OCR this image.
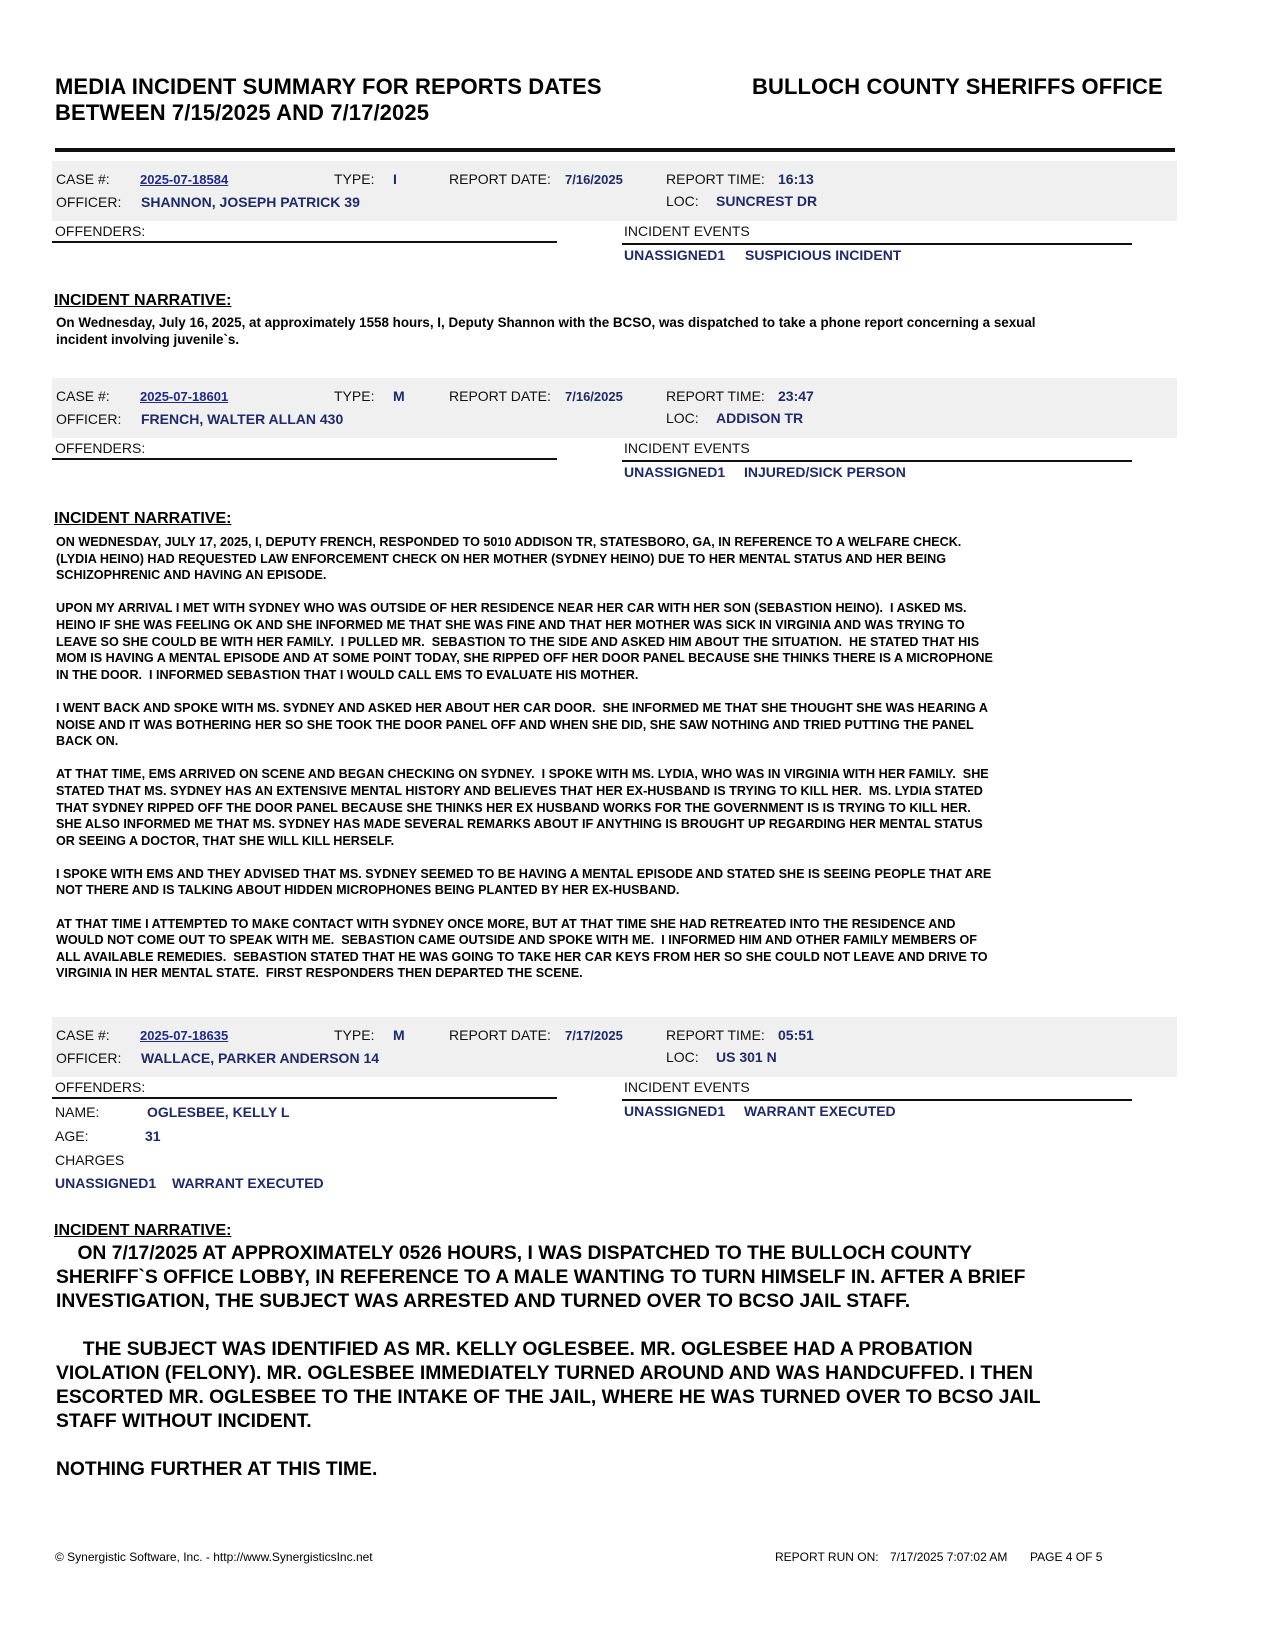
MEDIA INCIDENT SUMMARY FOR REPORTS DATES
BETWEEN 7/15/2025 AND 7/17/2025
BULLOCH COUNTY SHERIFFS OFFICE
CASE #: 2025-07-18584	TYPE: I	REPORT DATE: 7/16/2025	REPORT TIME: 16:13
OFFICER: SHANNON, JOSEPH PATRICK 39	LOC: SUNCREST DR
OFFENDERS:	INCIDENT EVENTS
UNASSIGNED1 SUSPICIOUS INCIDENT
INCIDENT NARRATIVE:
On Wednesday, July 16, 2025, at approximately 1558 hours, I, Deputy Shannon with the BCSO, was dispatched to take a phone report concerning a sexual
incident involving juvenile`s.
CASE #: 2025-07-18601	TYPE: M	REPORT DATE: 7/16/2025	REPORT TIME: 23:47
OFFICER: FRENCH, WALTER ALLAN 430	LOC: ADDISON TR
OFFENDERS:	INCIDENT EVENTS
UNASSIGNED1 INJURED/SICK PERSON
INCIDENT NARRATIVE:
ON WEDNESDAY, JULY 17, 2025, I, DEPUTY FRENCH, RESPONDED TO 5010 ADDISON TR, STATESBORO, GA, IN REFERENCE TO A WELFARE CHECK.
(LYDIA HEINO) HAD REQUESTED LAW ENFORCEMENT CHECK ON HER MOTHER (SYDNEY HEINO) DUE TO HER MENTAL STATUS AND HER BEING
SCHIZOPHRENIC AND HAVING AN EPISODE.

UPON MY ARRIVAL I MET WITH SYDNEY WHO WAS OUTSIDE OF HER RESIDENCE NEAR HER CAR WITH HER SON (SEBASTION HEINO).  I ASKED MS.
HEINO IF SHE WAS FEELING OK AND SHE INFORMED ME THAT SHE WAS FINE AND THAT HER MOTHER WAS SICK IN VIRGINIA AND WAS TRYING TO
LEAVE SO SHE COULD BE WITH HER FAMILY.  I PULLED MR.  SEBASTION TO THE SIDE AND ASKED HIM ABOUT THE SITUATION.  HE STATED THAT HIS
MOM IS HAVING A MENTAL EPISODE AND AT SOME POINT TODAY, SHE RIPPED OFF HER DOOR PANEL BECAUSE SHE THINKS THERE IS A MICROPHONE
IN THE DOOR.  I INFORMED SEBASTION THAT I WOULD CALL EMS TO EVALUATE HIS MOTHER.

I WENT BACK AND SPOKE WITH MS. SYDNEY AND ASKED HER ABOUT HER CAR DOOR.  SHE INFORMED ME THAT SHE THOUGHT SHE WAS HEARING A
NOISE AND IT WAS BOTHERING HER SO SHE TOOK THE DOOR PANEL OFF AND WHEN SHE DID, SHE SAW NOTHING AND TRIED PUTTING THE PANEL
BACK ON.

AT THAT TIME, EMS ARRIVED ON SCENE AND BEGAN CHECKING ON SYDNEY.  I SPOKE WITH MS. LYDIA, WHO WAS IN VIRGINIA WITH HER FAMILY.  SHE
STATED THAT MS. SYDNEY HAS AN EXTENSIVE MENTAL HISTORY AND BELIEVES THAT HER EX-HUSBAND IS TRYING TO KILL HER.  MS. LYDIA STATED
THAT SYDNEY RIPPED OFF THE DOOR PANEL BECAUSE SHE THINKS HER EX HUSBAND WORKS FOR THE GOVERNMENT IS IS TRYING TO KILL HER.
SHE ALSO INFORMED ME THAT MS. SYDNEY HAS MADE SEVERAL REMARKS ABOUT IF ANYTHING IS BROUGHT UP REGARDING HER MENTAL STATUS
OR SEEING A DOCTOR, THAT SHE WILL KILL HERSELF.

I SPOKE WITH EMS AND THEY ADVISED THAT MS. SYDNEY SEEMED TO BE HAVING A MENTAL EPISODE AND STATED SHE IS SEEING PEOPLE THAT ARE
NOT THERE AND IS TALKING ABOUT HIDDEN MICROPHONES BEING PLANTED BY HER EX-HUSBAND.

AT THAT TIME I ATTEMPTED TO MAKE CONTACT WITH SYDNEY ONCE MORE, BUT AT THAT TIME SHE HAD RETREATED INTO THE RESIDENCE AND
WOULD NOT COME OUT TO SPEAK WITH ME.  SEBASTION CAME OUTSIDE AND SPOKE WITH ME.  I INFORMED HIM AND OTHER FAMILY MEMBERS OF
ALL AVAILABLE REMEDIES.  SEBASTION STATED THAT HE WAS GOING TO TAKE HER CAR KEYS FROM HER SO SHE COULD NOT LEAVE AND DRIVE TO
VIRGINIA IN HER MENTAL STATE.  FIRST RESPONDERS THEN DEPARTED THE SCENE.
CASE #: 2025-07-18635	TYPE: M	REPORT DATE: 7/17/2025	REPORT TIME: 05:51
OFFICER: WALLACE, PARKER ANDERSON 14	LOC: US 301 N
OFFENDERS:	INCIDENT EVENTS
UNASSIGNED1 WARRANT EXECUTED
NAME:	OGLESBEE, KELLY L
AGE:	31
CHARGES
UNASSIGNED1 WARRANT EXECUTED
INCIDENT NARRATIVE:
ON 7/17/2025 AT APPROXIMATELY 0526 HOURS, I WAS DISPATCHED TO THE BULLOCH COUNTY
SHERIFF`S OFFICE LOBBY, IN REFERENCE TO A MALE WANTING TO TURN HIMSELF IN. AFTER A BRIEF
INVESTIGATION, THE SUBJECT WAS ARRESTED AND TURNED OVER TO BCSO JAIL STAFF.

THE SUBJECT WAS IDENTIFIED AS MR. KELLY OGLESBEE. MR. OGLESBEE HAD A PROBATION
VIOLATION (FELONY). MR. OGLESBEE IMMEDIATELY TURNED AROUND AND WAS HANDCUFFED. I THEN
ESCORTED MR. OGLESBEE TO THE INTAKE OF THE JAIL, WHERE HE WAS TURNED OVER TO BCSO JAIL
STAFF WITHOUT INCIDENT.

NOTHING FURTHER AT THIS TIME.
© Synergistic Software, Inc. - http://www.SynergisticsInc.net	REPORT RUN ON: 7/17/2025 7:07:02 AM PAGE 4 OF 5
